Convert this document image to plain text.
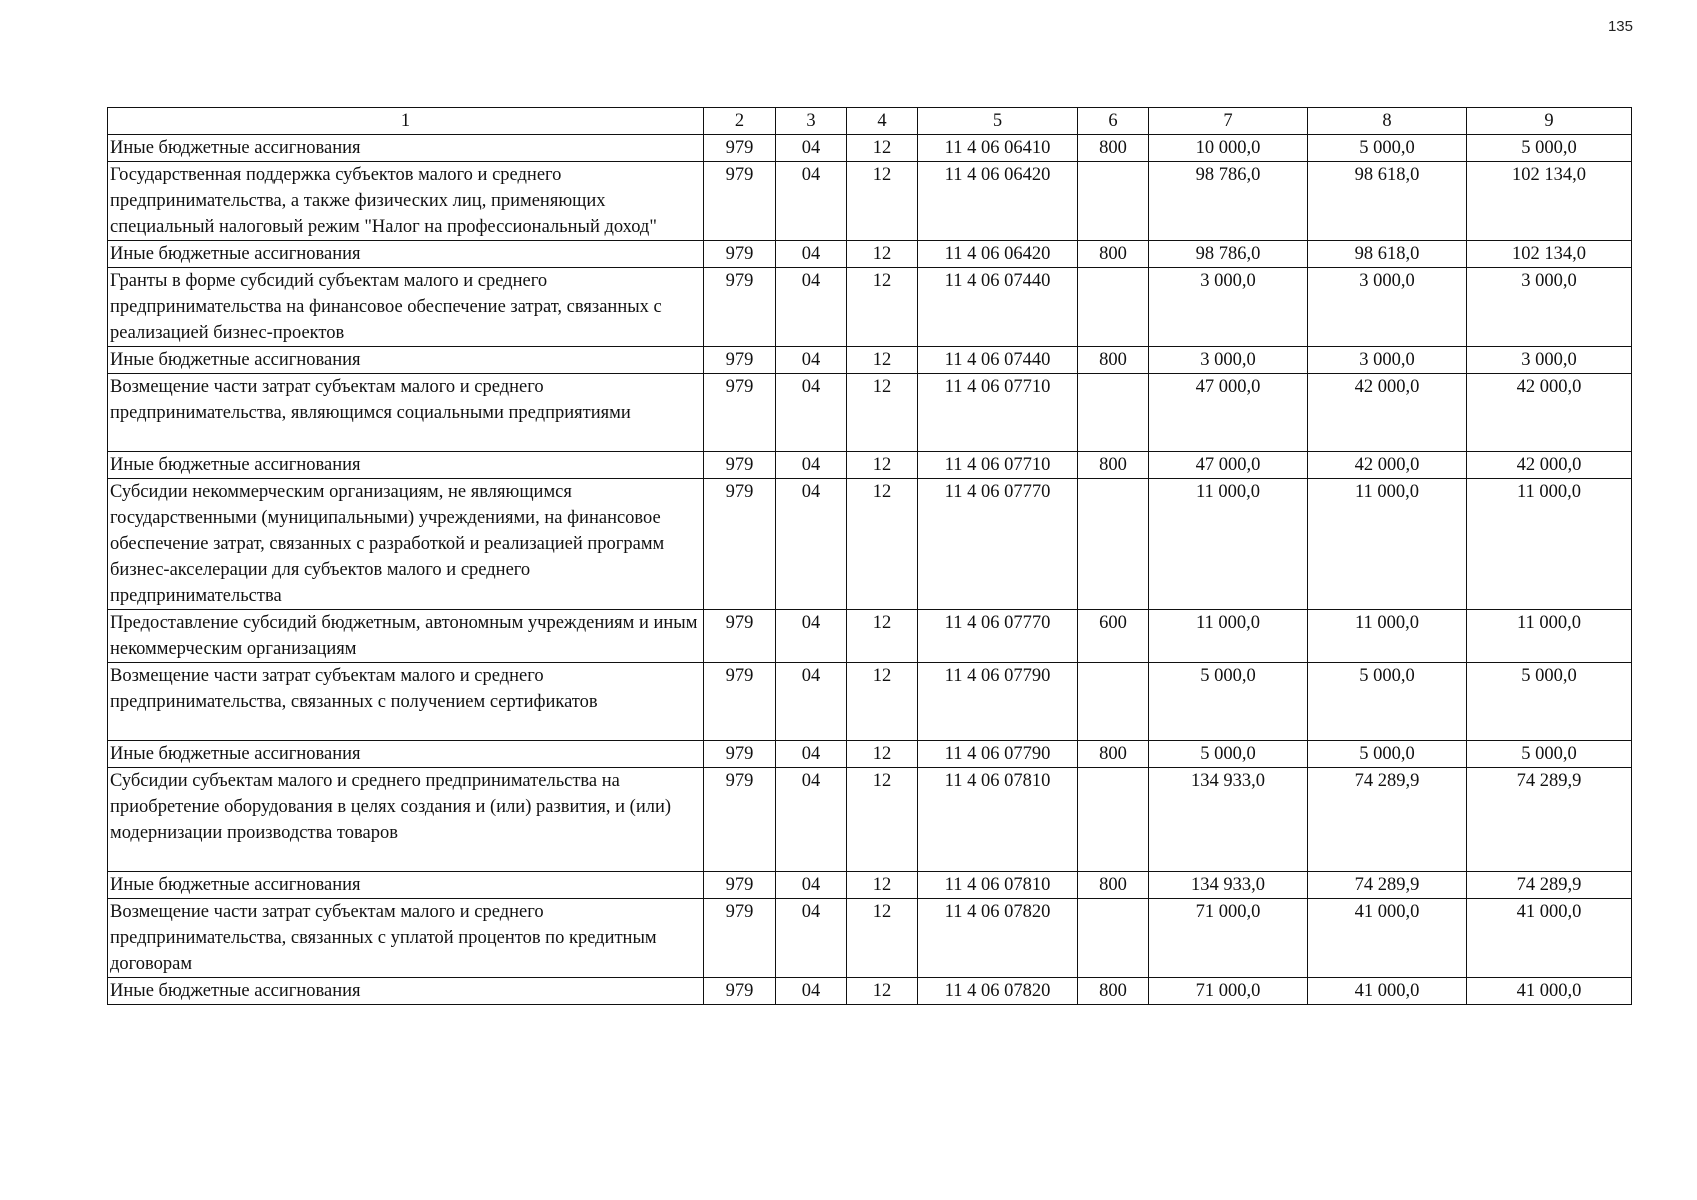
135
1	2	3	4	5	6	7	8	9
Иные бюджетные ассигнования	979	04	12	11 4 06 06410	800	10 000,0	5 000,0	5 000,0
Государственная поддержка субъектов малого и среднего предпринимательства, а также физических лиц, применяющих специальный налоговый режим "Налог на профессиональный доход"	979	04	12	11 4 06 06420		98 786,0	98 618,0	102 134,0
Иные бюджетные ассигнования	979	04	12	11 4 06 06420	800	98 786,0	98 618,0	102 134,0
Гранты в форме субсидий субъектам малого и среднего предпринимательства на финансовое обеспечение затрат, связанных с реализацией бизнес-проектов	979	04	12	11 4 06 07440		3 000,0	3 000,0	3 000,0
Иные бюджетные ассигнования	979	04	12	11 4 06 07440	800	3 000,0	3 000,0	3 000,0
Возмещение части затрат субъектам малого и среднего предпринимательства, являющимся социальными предприятиями	979	04	12	11 4 06 07710		47 000,0	42 000,0	42 000,0
Иные бюджетные ассигнования	979	04	12	11 4 06 07710	800	47 000,0	42 000,0	42 000,0
Субсидии некоммерческим организациям, не являющимся государственными (муниципальными) учреждениями, на финансовое обеспечение затрат, связанных с разработкой и реализацией программ бизнес-акселерации для субъектов малого и среднего предпринимательства	979	04	12	11 4 06 07770		11 000,0	11 000,0	11 000,0
Предоставление субсидий бюджетным, автономным учреждениям и иным некоммерческим организациям	979	04	12	11 4 06 07770	600	11 000,0	11 000,0	11 000,0
Возмещение части затрат субъектам малого и среднего предпринимательства, связанных с получением сертификатов	979	04	12	11 4 06 07790		5 000,0	5 000,0	5 000,0
Иные бюджетные ассигнования	979	04	12	11 4 06 07790	800	5 000,0	5 000,0	5 000,0
Субсидии субъектам малого и среднего предпринимательства на приобретение оборудования в целях создания и (или) развития, и (или) модернизации производства товаров	979	04	12	11 4 06 07810		134 933,0	74 289,9	74 289,9
Иные бюджетные ассигнования	979	04	12	11 4 06 07810	800	134 933,0	74 289,9	74 289,9
Возмещение части затрат субъектам малого и среднего предпринимательства, связанных с уплатой процентов по кредитным договорам	979	04	12	11 4 06 07820		71 000,0	41 000,0	41 000,0
Иные бюджетные ассигнования	979	04	12	11 4 06 07820	800	71 000,0	41 000,0	41 000,0
